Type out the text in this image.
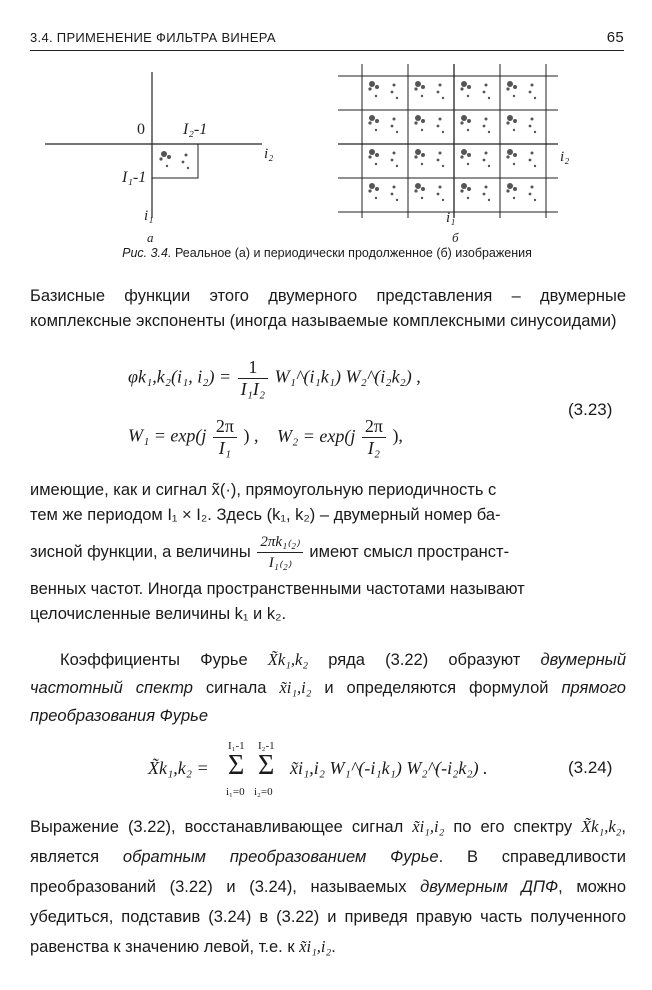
3.4. ПРИМЕНЕНИЕ ФИЛЬТРА ВИНЕРА	65
0 I₂-1
I₁-1
i₂
i₁
а
i₂
i₁
б
Рис. 3.4. Реальное (а) и периодически продолженное (б) изображения
Базисные функции этого двумерного представления – двумерные комплексные экспоненты (иногда называемые комплексными синусоидами)
φk₁,k₂(i₁, $i_2) = \frac{1}{\text{I₁I₂}}$ W₁^(i₁k₁) W₂^(i₂k₂) ,
$W_1 = \exp(j \frac{2\pi}{\text{I₁}}$ ) , $W_2 = \exp(j \frac{2\pi}{\text{I₂}}$ ),
(3.23)
имеющие, как и сигнал x̃(·), прямоугольную периодичность с
тем же периодом I₁ × I₂. Здесь (k₁, k₂) – двумерный номер ба-
зисной функции, а величины $\frac{\text{2πk₁₍₂₎}}{\text{I₁₍₂₎}}$ имеют смысл пространст-
венных частот. Иногда пространственными частотами называют
целочисленные величины k₁ и k₂.
Коэффициенты Фурье X̃k₁,k₂ ряда (3.22) образуют двумерный частотный спектр сигнала x̃i₁,i₂ и определяются формулой прямого преобразования Фурье
X̃k₁,k₂ =
I₁-1
Σ
i₁=0
I₂-1
Σ
i₂=0
x̃i₁,i₂ W₁^(-i₁k₁) W₂^(-i₂k₂) .	(3.24)
Выражение (3.22), восстанавливающее сигнал x̃i₁,i₂ по его спектру X̃k₁,k₂, является обратным преобразованием Фурье. В справедливости преобразований (3.22) и (3.24), называемых двумерным ДПФ, можно убедиться, подставив (3.24) в (3.22) и приведя правую часть полученного равенства к значению левой, т.е. к x̃i₁,i₂.
